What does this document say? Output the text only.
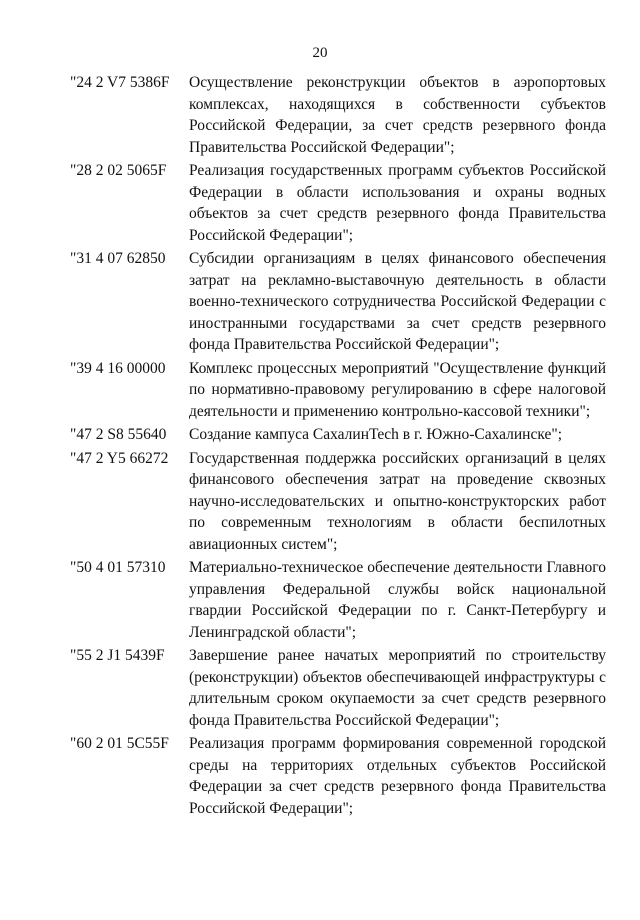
20
"24 2 V7 5386F Осуществление реконструкции объектов в аэропортовых комплексах, находящихся в собственности субъектов Российской Федерации, за счет средств резервного фонда Правительства Российской Федерации";
"28 2 02 5065F Реализация государственных программ субъектов Российской Федерации в области использования и охраны водных объектов за счет средств резервного фонда Правительства Российской Федерации";
"31 4 07 62850 Субсидии организациям в целях финансового обеспечения затрат на рекламно-выставочную деятельность в области военно-технического сотрудничества Российской Федерации с иностранными государствами за счет средств резервного фонда Правительства Российской Федерации";
"39 4 16 00000 Комплекс процессных мероприятий "Осуществление функций по нормативно-правовому регулированию в сфере налоговой деятельности и применению контрольно-кассовой техники";
"47 2 S8 55640 Создание кампуса СахалинTech в г. Южно-Сахалинске";
"47 2 Y5 66272 Государственная поддержка российских организаций в целях финансового обеспечения затрат на проведение сквозных научно-исследовательских и опытно-конструкторских работ по современным технологиям в области беспилотных авиационных систем";
"50 4 01 57310 Материально-техническое обеспечение деятельности Главного управления Федеральной службы войск национальной гвардии Российской Федерации по г. Санкт-Петербургу и Ленинградской области";
"55 2 J1 5439F Завершение ранее начатых мероприятий по строительству (реконструкции) объектов обеспечивающей инфраструктуры с длительным сроком окупаемости за счет средств резервного фонда Правительства Российской Федерации";
"60 2 01 5C55F Реализация программ формирования современной городской среды на территориях отдельных субъектов Российской Федерации за счет средств резервного фонда Правительства Российской Федерации";
